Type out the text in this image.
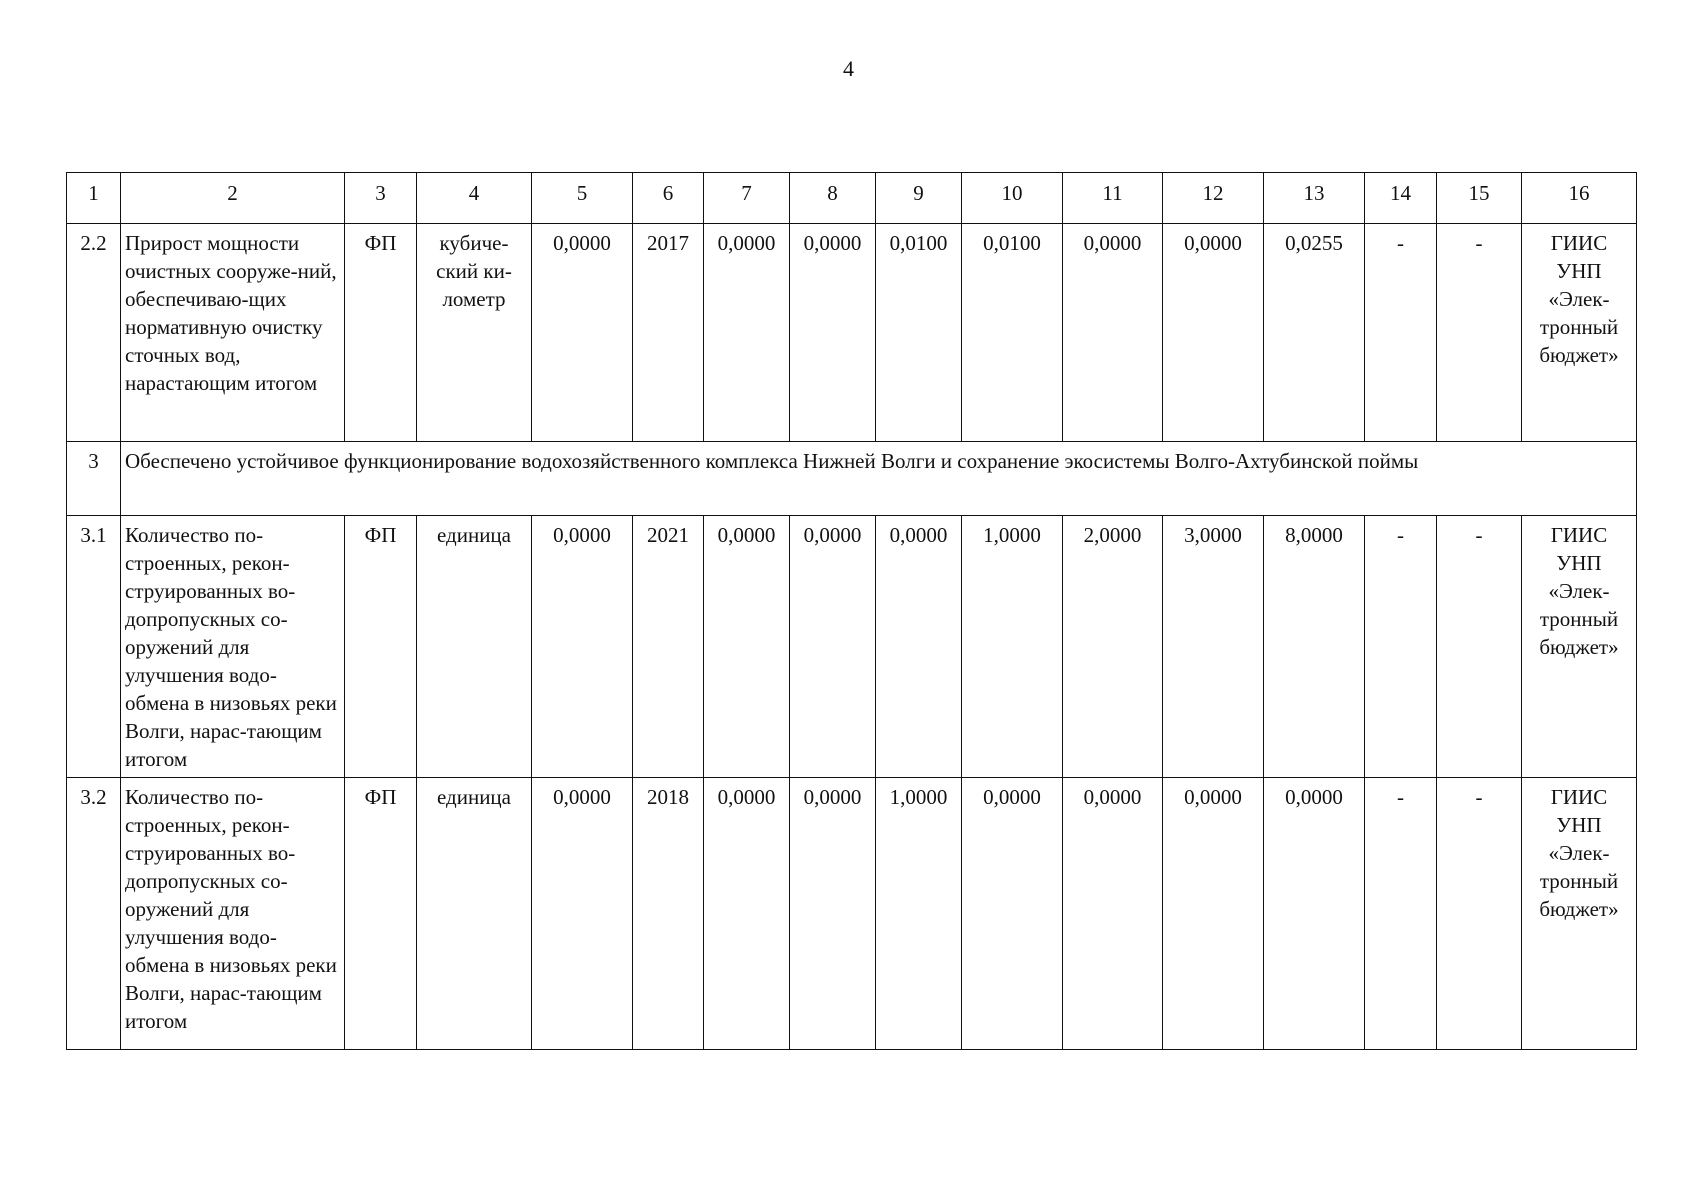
4
1	2	3	4	5	6	7	8	9	10	11	12	13	14	15	16
2.2	Прирост мощности очистных сооруже-ний, обеспечиваю-щих нормативную очистку сточных вод, нарастающим итогом	ФП	кубиче-ский ки-лометр	0,0000	2017	0,0000	0,0000	0,0100	0,0100	0,0000	0,0000	0,0255	-	-	ГИИС УНП «Элек-тронный бюджет»
3	Обеспечено устойчивое функционирование водохозяйственного комплекса Нижней Волги и сохранение экосистемы Волго-Ахтубинской поймы														
3.1	Количество по-строенных, рекон-струированных во-допропускных со-оружений для улучшения водо-обмена в низовьях реки Волги, нарас-тающим итогом	ФП	единица	0,0000	2021	0,0000	0,0000	0,0000	1,0000	2,0000	3,0000	8,0000	-	-	ГИИС УНП «Элек-тронный бюджет»
3.2	Количество по-строенных, рекон-струированных во-допропускных со-оружений для улучшения водо-обмена в низовьях реки Волги, нарас-тающим итогом	ФП	единица	0,0000	2018	0,0000	0,0000	1,0000	0,0000	0,0000	0,0000	0,0000	-	-	ГИИС УНП «Элек-тронный бюджет»
